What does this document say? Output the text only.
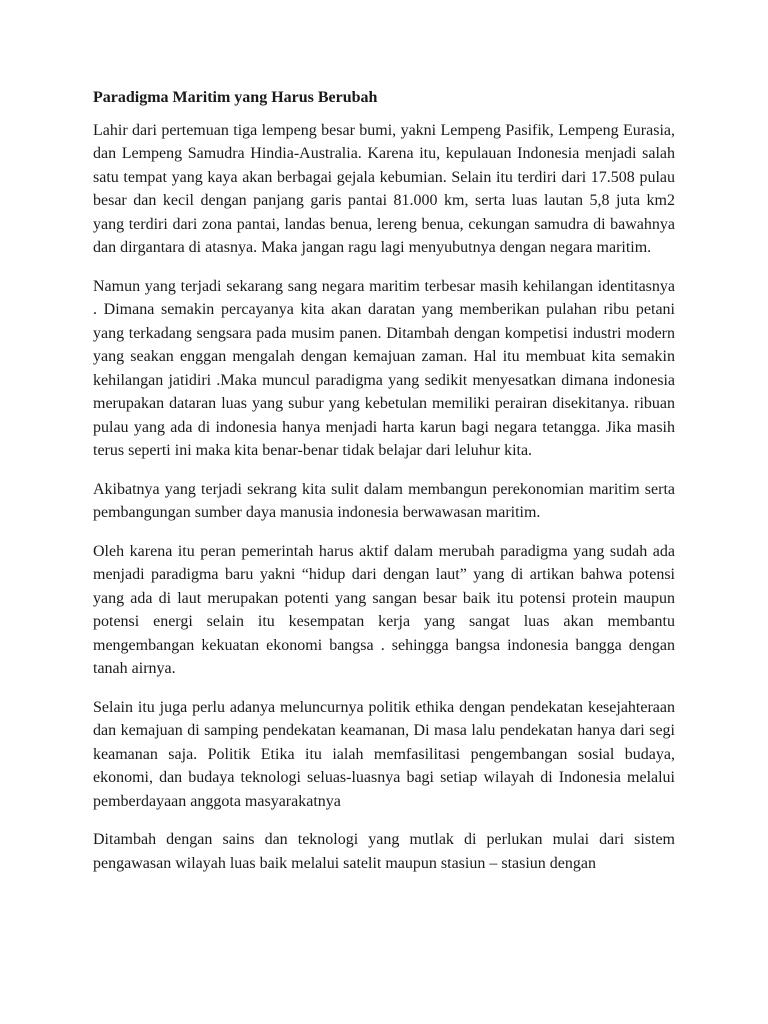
Paradigma Maritim yang Harus Berubah

Lahir dari pertemuan tiga lempeng besar bumi, yakni Lempeng Pasifik, Lempeng Eurasia, dan Lempeng Samudra Hindia-Australia. Karena itu, kepulauan Indonesia menjadi salah satu tempat yang kaya akan berbagai gejala kebumian. Selain itu terdiri dari 17.508 pulau besar dan kecil dengan panjang garis pantai 81.000 km, serta luas lautan 5,8 juta km2 yang terdiri dari zona pantai, landas benua, lereng benua, cekungan samudra di bawahnya dan dirgantara di atasnya. Maka jangan ragu lagi menyubutnya dengan negara maritim.

Namun yang terjadi sekarang sang negara maritim terbesar masih kehilangan identitasnya . Dimana semakin percayanya kita akan daratan yang memberikan pulahan ribu petani yang terkadang sengsara pada musim panen. Ditambah dengan kompetisi industri modern yang seakan enggan mengalah dengan kemajuan zaman. Hal itu membuat kita semakin kehilangan jatidiri .Maka muncul paradigma yang sedikit menyesatkan dimana indonesia merupakan dataran luas yang subur yang kebetulan memiliki perairan disekitanya. ribuan pulau yang ada di indonesia hanya menjadi harta karun bagi negara tetangga. Jika masih terus seperti ini maka kita benar-benar tidak belajar dari leluhur kita.

Akibatnya yang terjadi sekrang kita sulit dalam membangun perekonomian maritim serta pembangungan sumber daya manusia indonesia berwawasan maritim.

Oleh karena itu peran pemerintah harus aktif dalam merubah paradigma yang sudah ada menjadi paradigma baru yakni “hidup dari dengan laut” yang di artikan bahwa potensi yang ada di laut merupakan potenti yang sangan besar baik itu potensi protein maupun potensi energi selain itu kesempatan kerja yang sangat luas akan membantu mengembangan kekuatan ekonomi bangsa . sehingga bangsa indonesia bangga dengan tanah airnya.

Selain itu juga perlu adanya meluncurnya politik ethika dengan pendekatan kesejahteraan dan kemajuan di samping pendekatan keamanan, Di masa lalu pendekatan hanya dari segi keamanan saja. Politik Etika itu ialah memfasilitasi pengembangan sosial budaya, ekonomi, dan budaya teknologi seluas-luasnya bagi setiap wilayah di Indonesia melalui pemberdayaan anggota masyarakatnya

Ditambah dengan sains dan teknologi yang mutlak di perlukan mulai dari sistem pengawasan wilayah luas baik melalui satelit maupun stasiun – stasiun dengan
